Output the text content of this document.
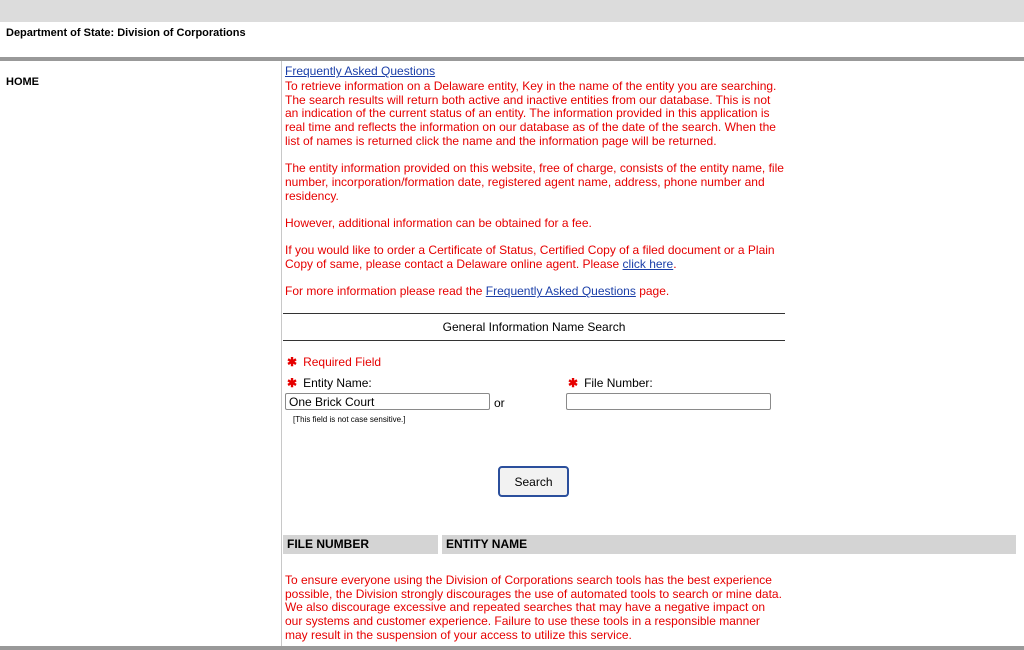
Department of State: Division of Corporations
HOME
Frequently Asked Questions

To retrieve information on a Delaware entity, Key in the name of the entity you are searching. The search results will return both active and inactive entities from our database. This is not an indication of the current status of an entity. The information provided in this application is real time and reflects the information on our database as of the date of the search. When the list of names is returned click the name and the information page will be returned.

The entity information provided on this website, free of charge, consists of the entity name, file number, incorporation/formation date, registered agent name, address, phone number and residency.

However, additional information can be obtained for a fee.

If you would like to order a Certificate of Status, Certified Copy of a filed document or a Plain Copy of same, please contact a Delaware online agent. Please click here.

For more information please read the Frequently Asked Questions page.

General Information Name Search
✱ Required Field
✱ Entity Name:	✱ File Number:
One Brick Court
or
[This field is not case sensitive.]
Search
FILE NUMBER	ENTITY NAME
To ensure everyone using the Division of Corporations search tools has the best experience possible, the Division strongly discourages the use of automated tools to search or mine data. We also discourage excessive and repeated searches that may have a negative impact on our systems and customer experience. Failure to use these tools in a responsible manner may result in the suspension of your access to utilize this service.
